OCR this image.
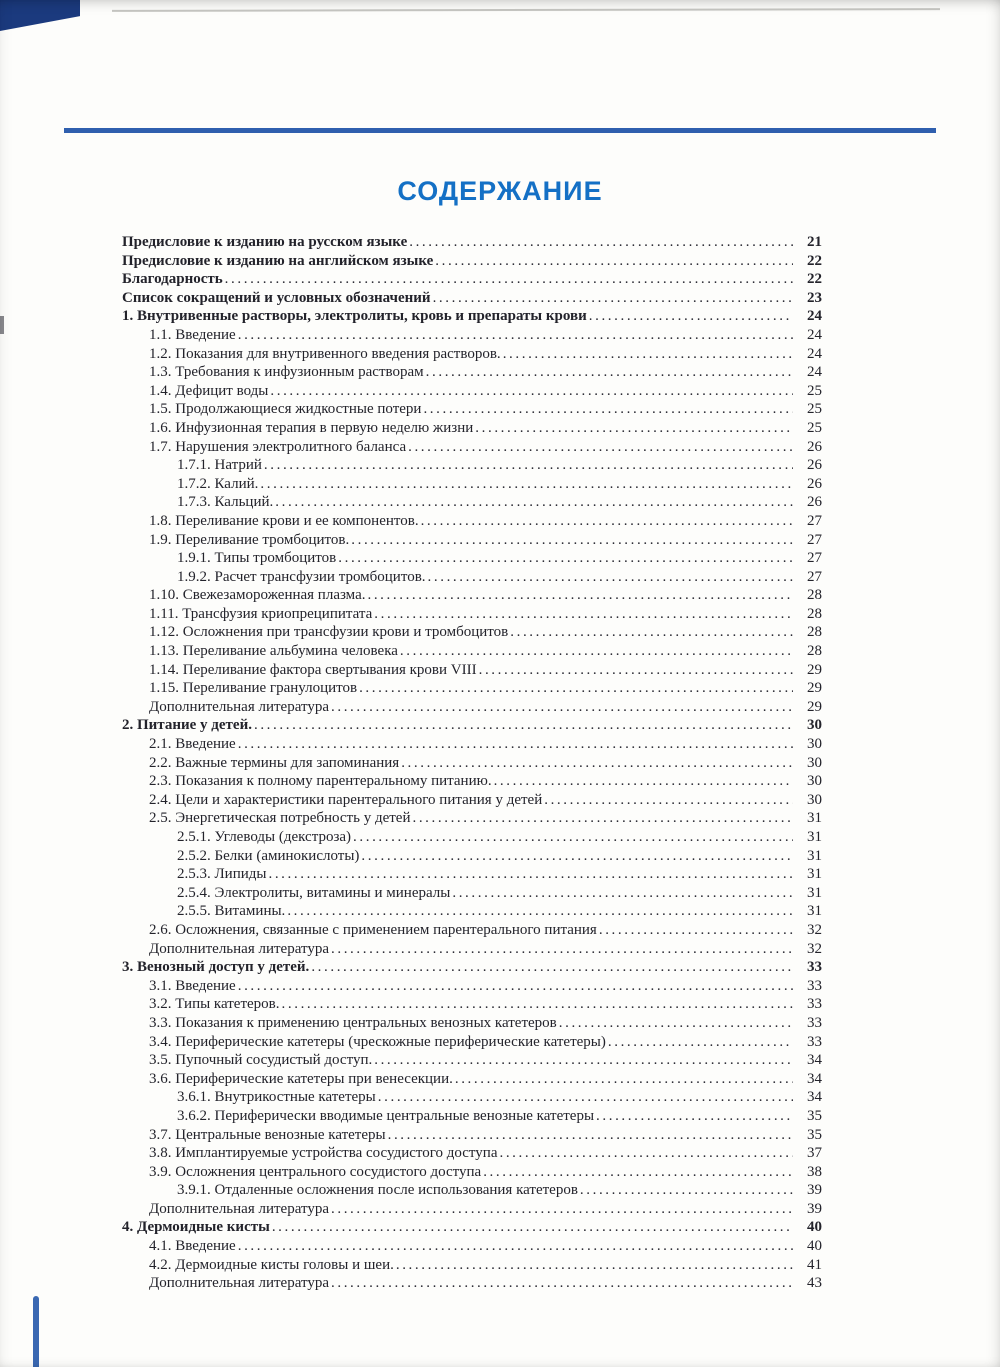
СОДЕРЖАНИЕ
Предисловие к изданию на русском языке .....	21
Предисловие к изданию на английском языке .....	22
Благодарность .....	22
Список сокращений и условных обозначений .....	23
1. Внутривенные растворы, электролиты, кровь и препараты крови .....	24
1.1. Введение .....	24
1.2. Показания для внутривенного введения растворов. .....	24
1.3. Требования к инфузионным растворам .....	24
1.4. Дефицит воды .....	25
1.5. Продолжающиеся жидкостные потери .....	25
1.6. Инфузионная терапия в первую неделю жизни .....	25
1.7. Нарушения электролитного баланса .....	26
1.7.1. Натрий .....	26
1.7.2. Калий. .....	26
1.7.3. Кальций. .....	26
1.8. Переливание крови и ее компонентов. .....	27
1.9. Переливание тромбоцитов. .....	27
1.9.1. Типы тромбоцитов .....	27
1.9.2. Расчет трансфузии тромбоцитов. .....	27
1.10. Свежезамороженная плазма. .....	28
1.11. Трансфузия криопреципитата .....	28
1.12. Осложнения при трансфузии крови и тромбоцитов .....	28
1.13. Переливание альбумина человека .....	28
1.14. Переливание фактора свертывания крови VIII .....	29
1.15. Переливание гранулоцитов .....	29
Дополнительная литература .....	29
2. Питание у детей. .....	30
2.1. Введение .....	30
2.2. Важные термины для запоминания .....	30
2.3. Показания к полному парентеральному питанию. .....	30
2.4. Цели и характеристики парентерального питания у детей .....	30
2.5. Энергетическая потребность у детей .....	31
2.5.1. Углеводы (декстроза) .....	31
2.5.2. Белки (аминокислоты) .....	31
2.5.3. Липиды .....	31
2.5.4. Электролиты, витамины и минералы .....	31
2.5.5. Витамины. .....	31
2.6. Осложнения, связанные с применением парентерального питания .....	32
Дополнительная литература .....	32
3. Венозный доступ у детей. .....	33
3.1. Введение .....	33
3.2. Типы катетеров. .....	33
3.3. Показания к применению центральных венозных катетеров .....	33
3.4. Периферические катетеры (чрескожные периферические катетеры) .....	33
3.5. Пупочный сосудистый доступ. .....	34
3.6. Периферические катетеры при венесекции. .....	34
3.6.1. Внутрикостные катетеры .....	34
3.6.2. Периферически вводимые центральные венозные катетеры .....	35
3.7. Центральные венозные катетеры .....	35
3.8. Имплантируемые устройства сосудистого доступа .....	37
3.9. Осложнения центрального сосудистого доступа .....	38
3.9.1. Отдаленные осложнения после использования катетеров .....	39
Дополнительная литература .....	39
4. Дермоидные кисты .....	40
4.1. Введение .....	40
4.2. Дермоидные кисты головы и шеи. .....	41
Дополнительная литература .....	43
